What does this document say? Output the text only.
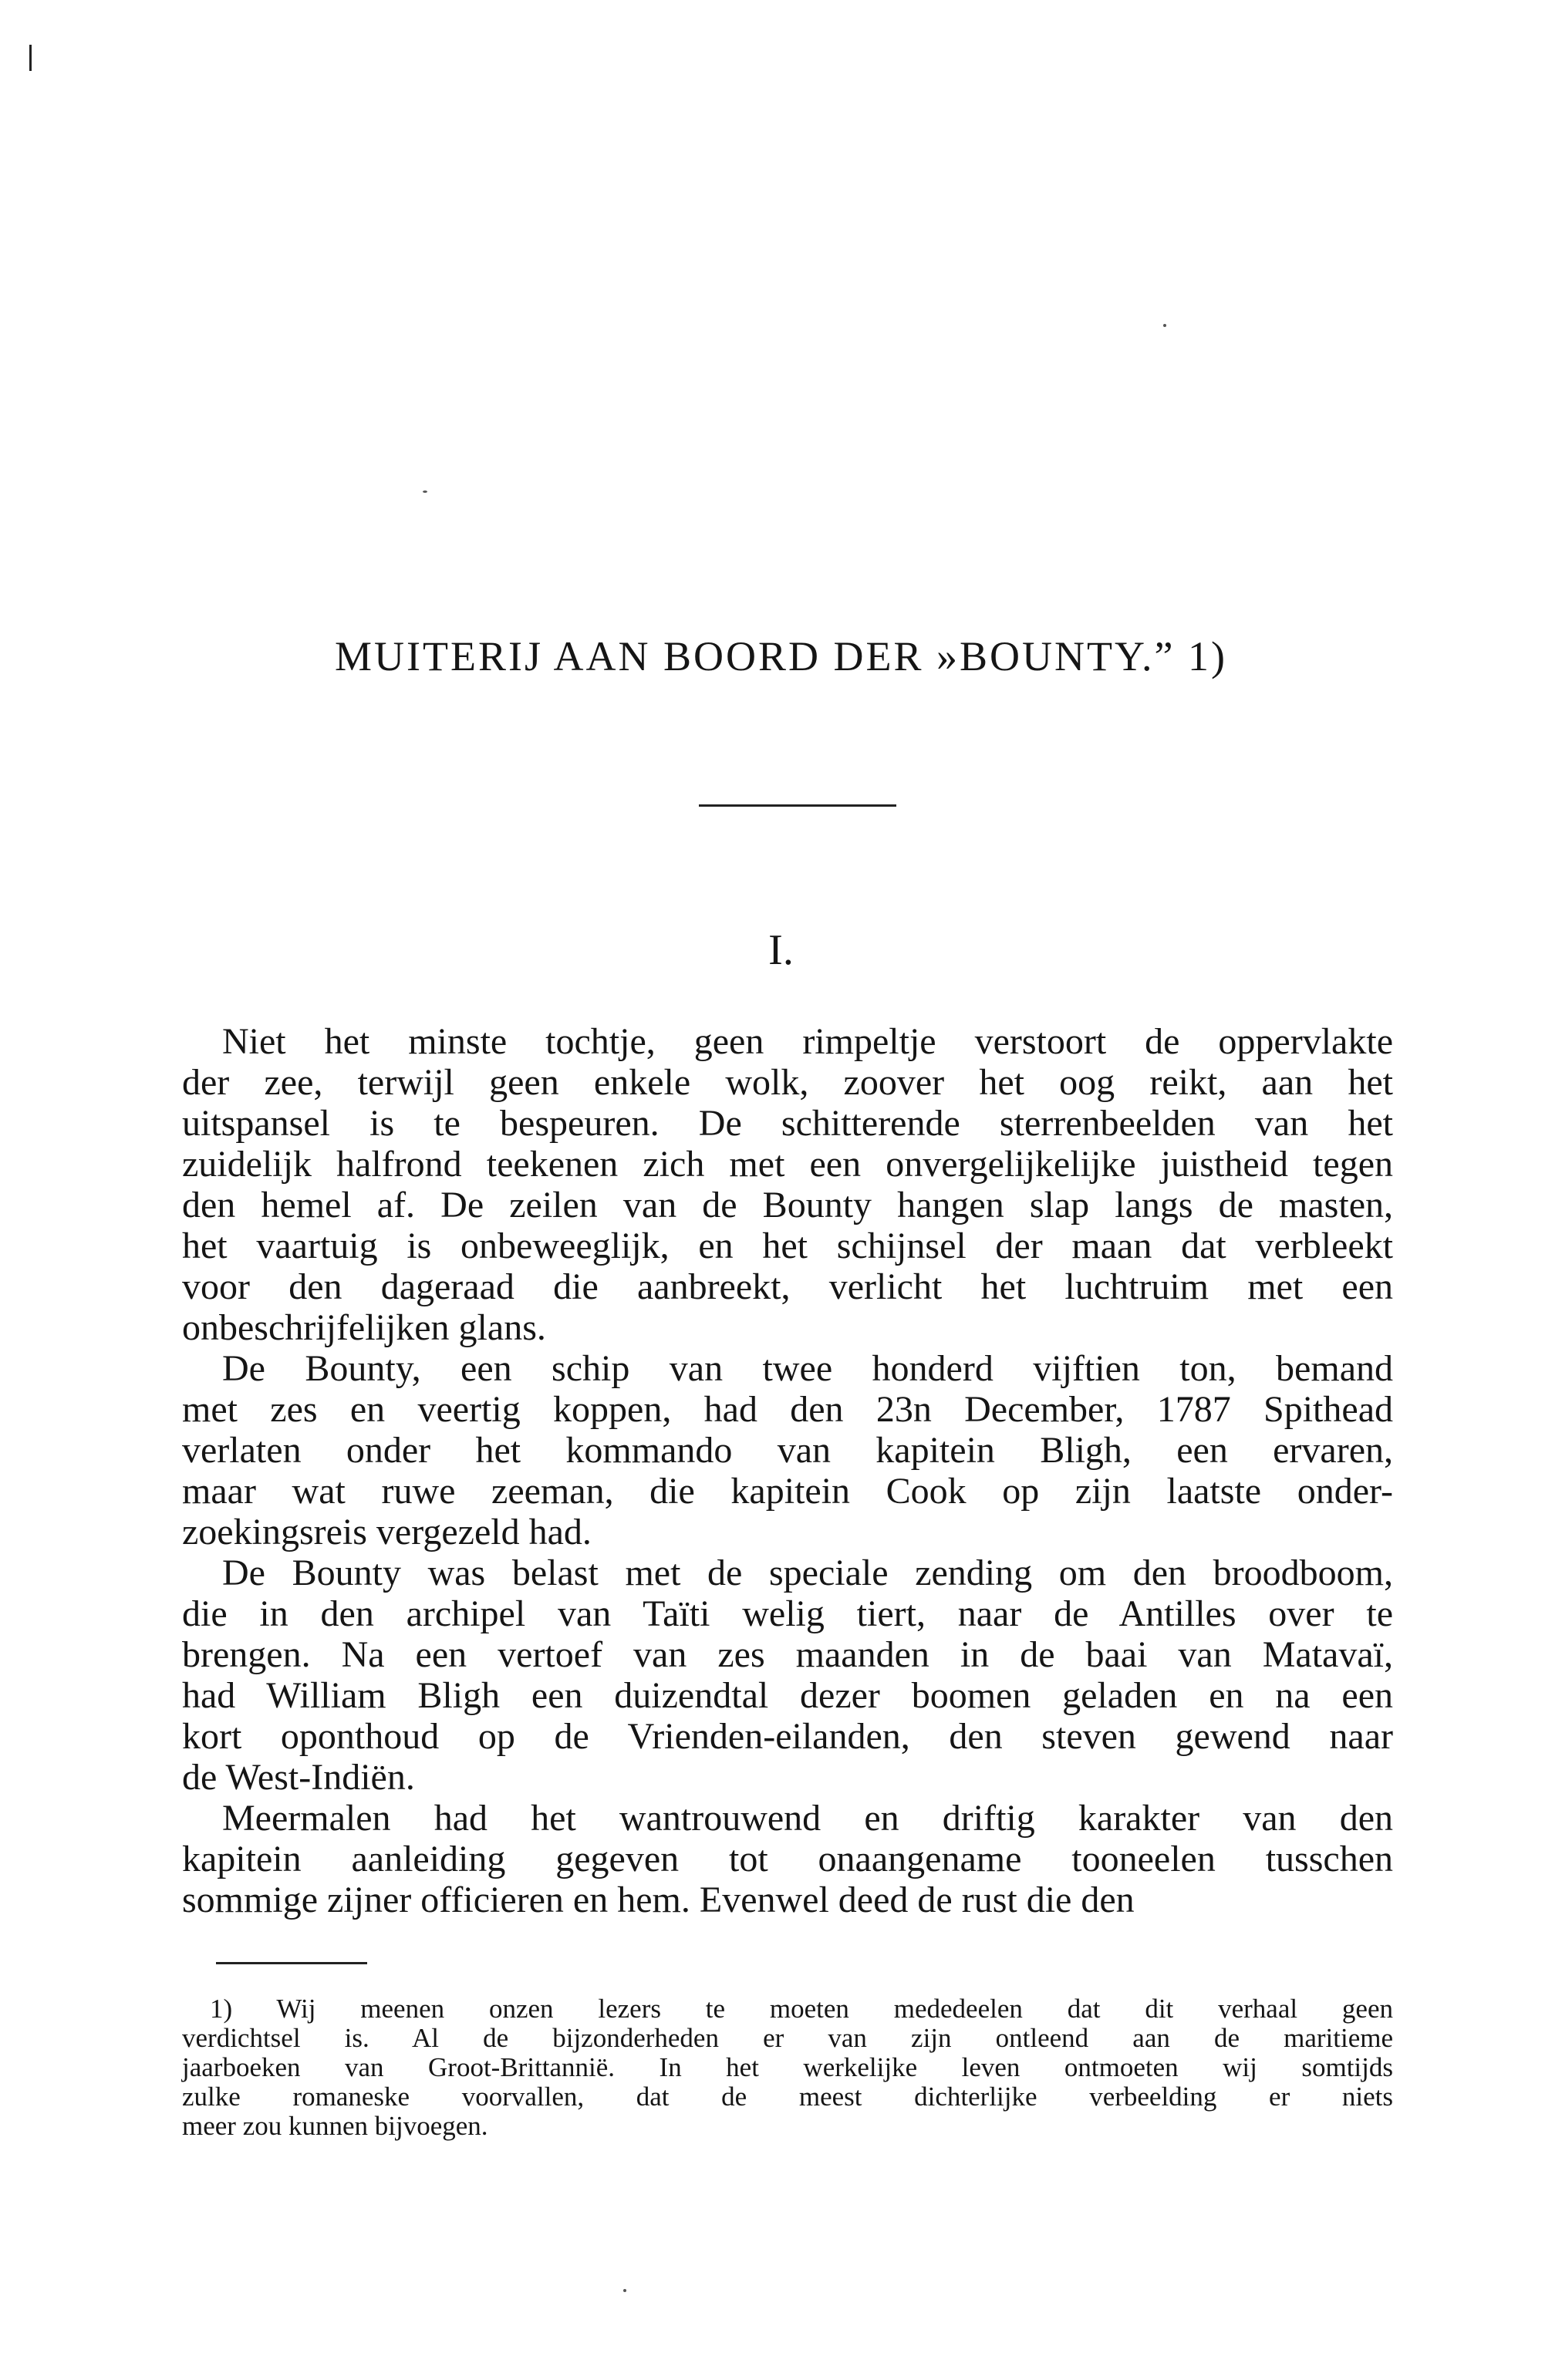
MUITERIJ AAN BOORD DER »BOUNTY.” 1)
I.
Niet het minste tochtje, geen rimpeltje verstoort de oppervlakte
der zee, terwijl geen enkele wolk, zoover het oog reikt, aan het
uitspansel is te bespeuren. De schitterende sterrenbeelden van het
zuidelijk halfrond teekenen zich met een onvergelijkelijke juistheid tegen
den hemel af. De zeilen van de Bounty hangen slap langs de masten,
het vaartuig is onbeweeglijk, en het schijnsel der maan dat verbleekt
voor den dageraad die aanbreekt, verlicht het luchtruim met een
onbeschrijfelijken glans.
De Bounty, een schip van twee honderd vijftien ton, bemand
met zes en veertig koppen, had den 23n December, 1787 Spithead
verlaten onder het kommando van kapitein Bligh, een ervaren,
maar wat ruwe zeeman, die kapitein Cook op zijn laatste onder-
zoekingsreis vergezeld had.
De Bounty was belast met de speciale zending om den broodboom,
die in den archipel van Taïti welig tiert, naar de Antilles over te
brengen. Na een vertoef van zes maanden in de baai van Matavaï,
had William Bligh een duizendtal dezer boomen geladen en na een
kort oponthoud op de Vrienden-eilanden, den steven gewend naar
de West-Indiën.
Meermalen had het wantrouwend en driftig karakter van den
kapitein aanleiding gegeven tot onaangename tooneelen tusschen
sommige zijner officieren en hem. Evenwel deed de rust die den
1) Wij meenen onzen lezers te moeten mededeelen dat dit verhaal geen
verdichtsel is. Al de bijzonderheden er van zijn ontleend aan de maritieme
jaarboeken van Groot-Brittannië. In het werkelijke leven ontmoeten wij somtijds
zulke romaneske voorvallen, dat de meest dichterlijke verbeelding er niets
meer zou kunnen bijvoegen.
